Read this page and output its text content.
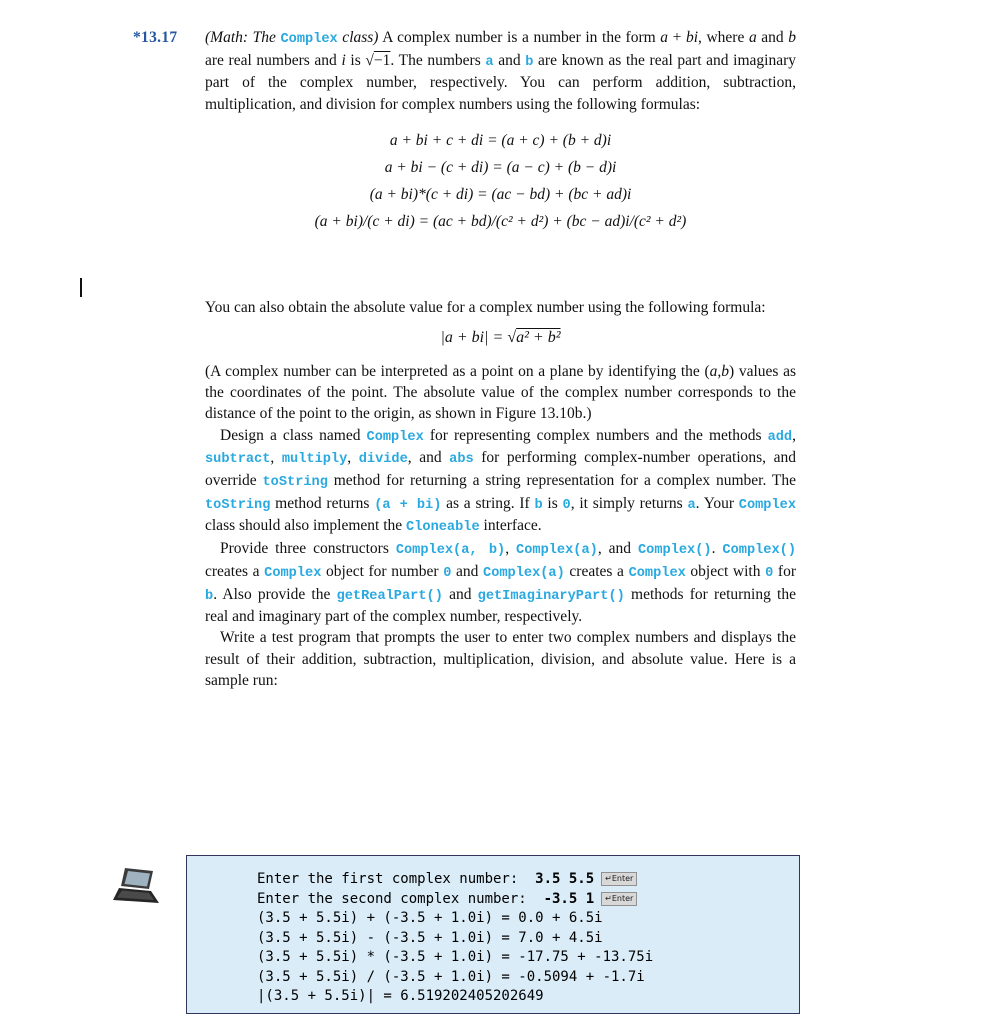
*13.17 (Math: The Complex class) A complex number is a number in the form a + bi, where a and b are real numbers and i is √−1. The numbers a and b are known as the real part and imaginary part of the complex number, respectively. You can perform addition, subtraction, multiplication, and division for complex numbers using the following formulas:

a + bi + c + di = (a + c) + (b + d)i
a + bi − (c + di) = (a − c) + (b − d)i
(a + bi)*(c + di) = (ac − bd) + (bc + ad)i
(a + bi)/(c + di) = (ac + bd)/(c² + d²) + (bc − ad)i/(c² + d²)

You can also obtain the absolute value for a complex number using the following formula:

|a + bi| = √a² + b²

(A complex number can be interpreted as a point on a plane by identifying the (a,b) values as the coordinates of the point. The absolute value of the complex number corresponds to the distance of the point to the origin, as shown in Figure 13.10b.)

Design a class named Complex for representing complex numbers and the methods add, subtract, multiply, divide, and abs for performing complex-number operations, and override toString method for returning a string representation for a complex number. The toString method returns (a + bi) as a string. If b is 0, it simply returns a. Your Complex class should also implement the Cloneable interface.

Provide three constructors Complex(a, b), Complex(a), and Complex(). Complex() creates a Complex object for number 0 and Complex(a) creates a Complex object with 0 for b. Also provide the getRealPart() and getImaginaryPart() methods for returning the real and imaginary part of the complex number, respectively.

Write a test program that prompts the user to enter two complex numbers and displays the result of their addition, subtraction, multiplication, division, and absolute value. Here is a sample run:

Enter the first complex number:  3.5 5.5 ↵Enter
Enter the second complex number:  -3.5 1 ↵Enter
(3.5 + 5.5i) + (-3.5 + 1.0i) = 0.0 + 6.5i
(3.5 + 5.5i) - (-3.5 + 1.0i) = 7.0 + 4.5i
(3.5 + 5.5i) * (-3.5 + 1.0i) = -17.75 + -13.75i
(3.5 + 5.5i) / (-3.5 + 1.0i) = -0.5094 + -1.7i
|(3.5 + 5.5i)| = 6.519202405202649
